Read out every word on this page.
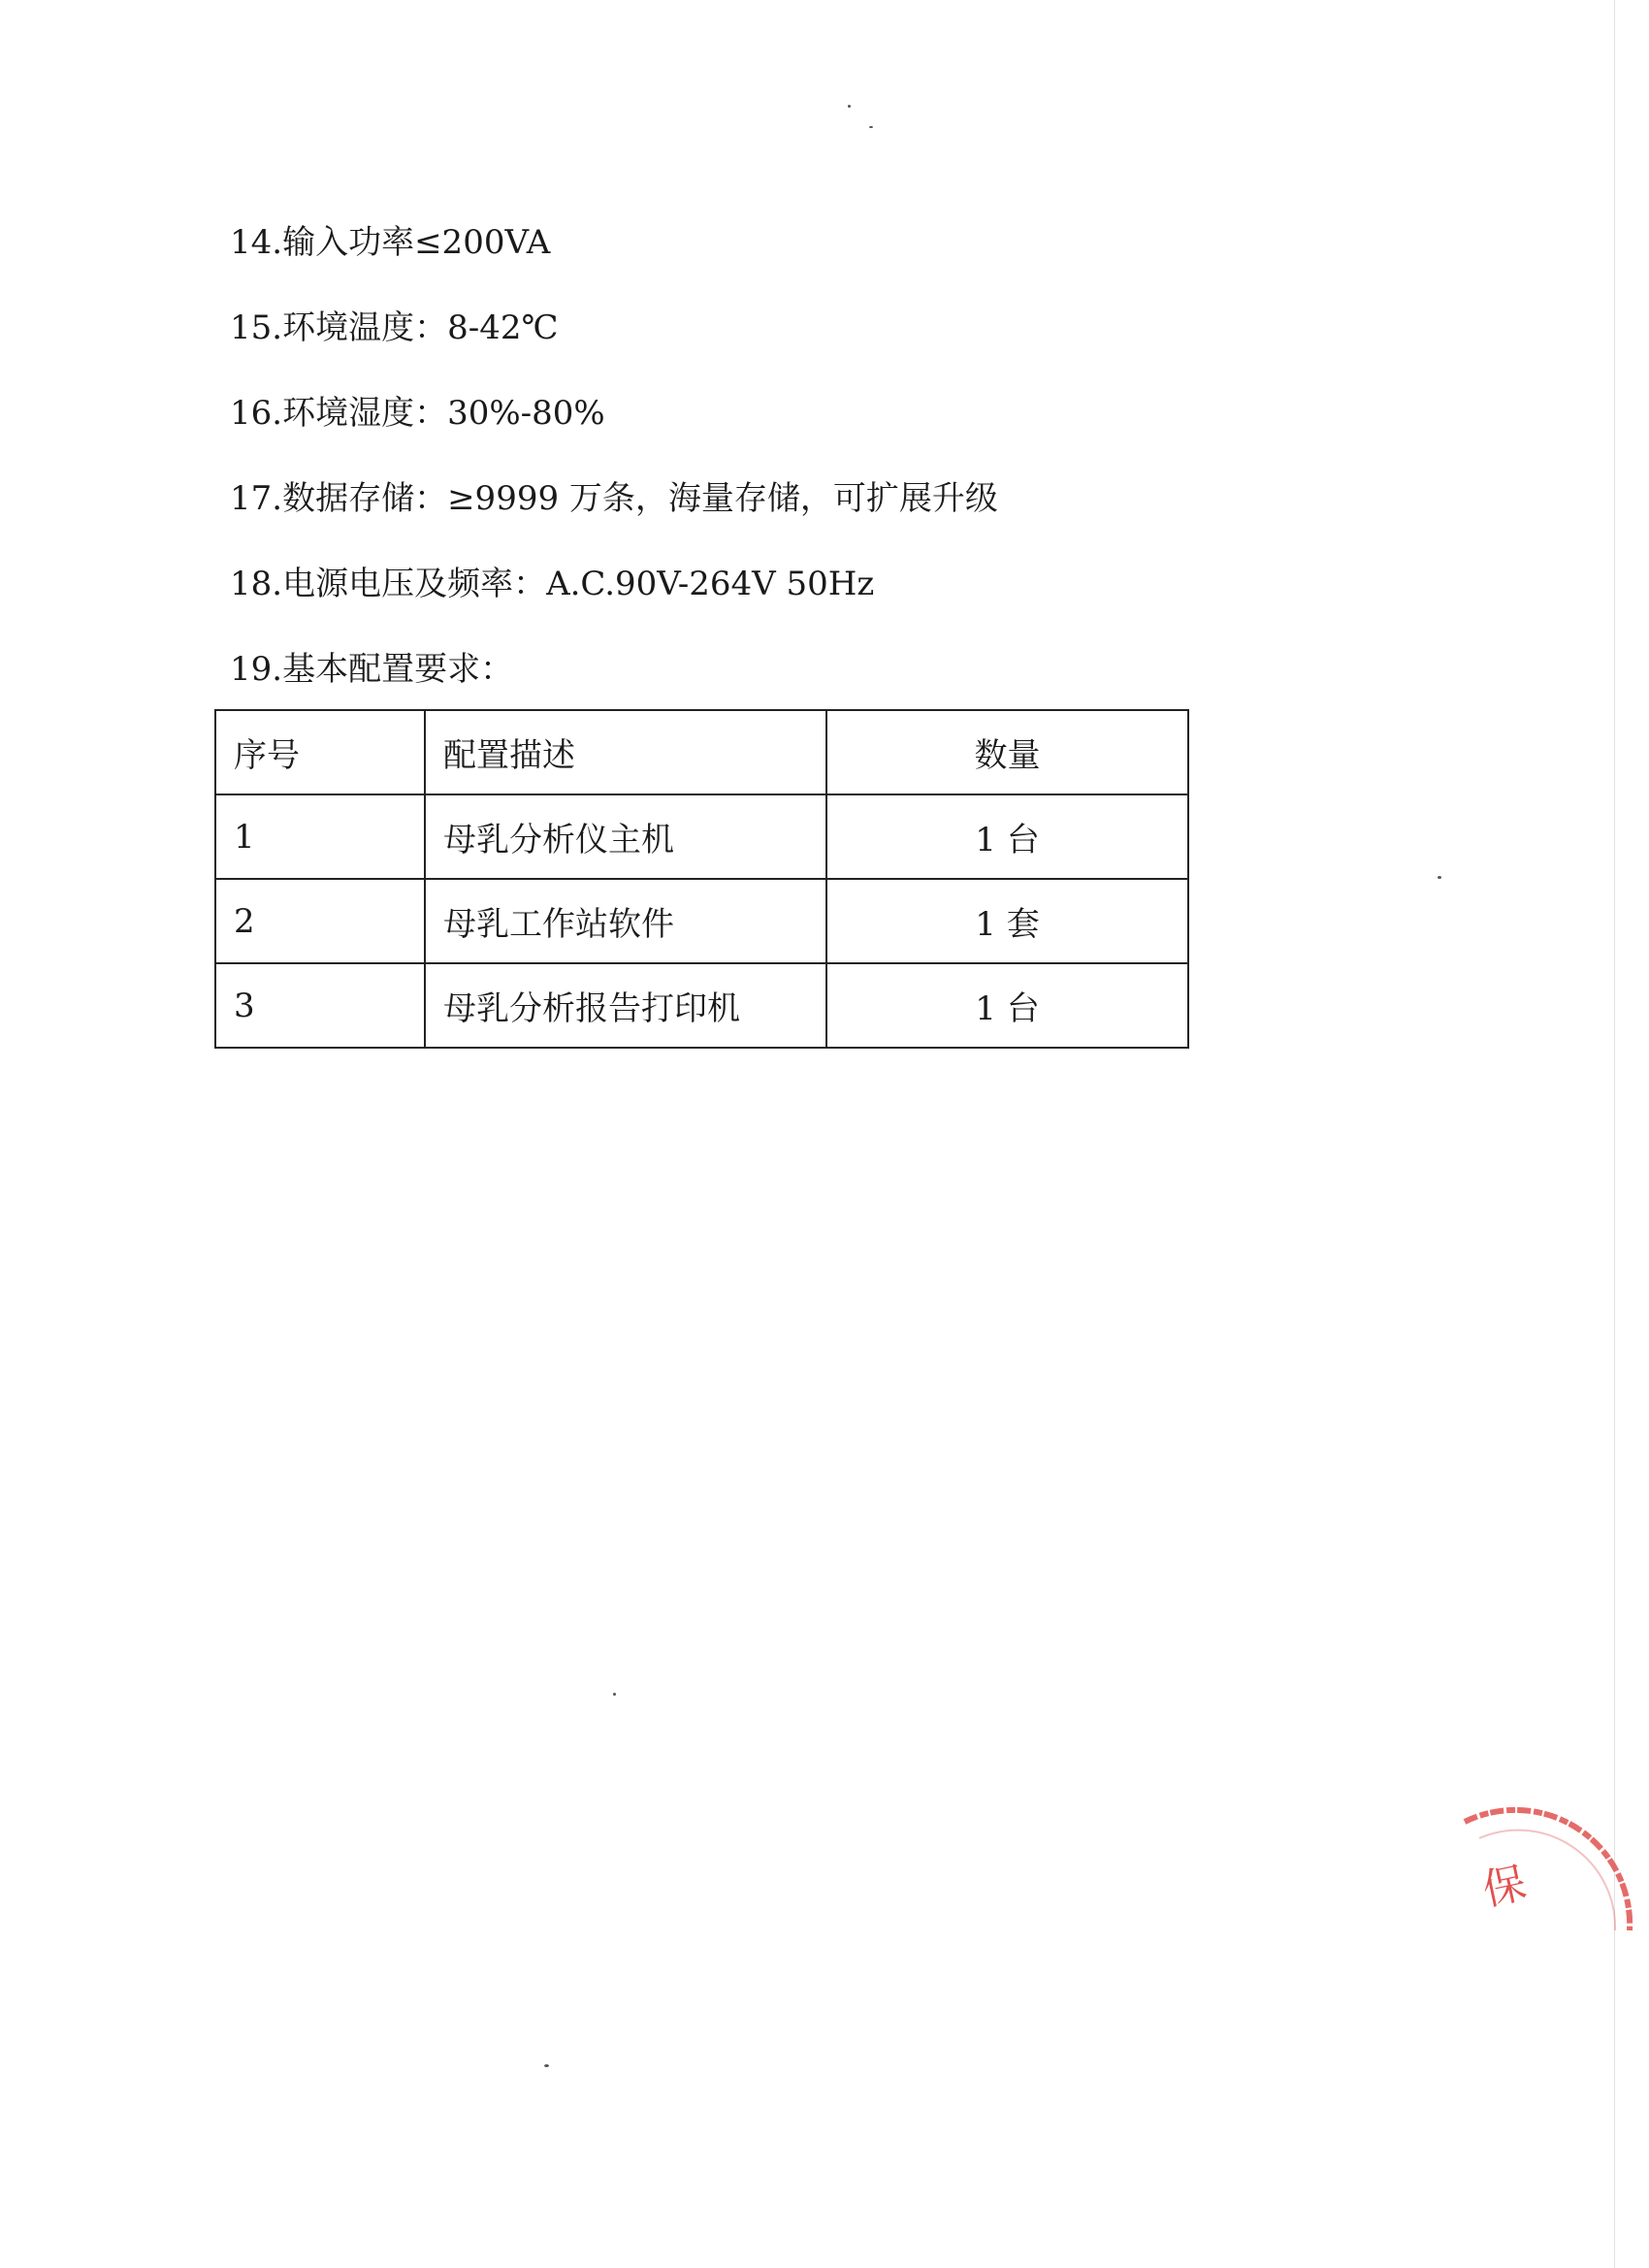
14.输入功率≤200VA
15.环境温度：8-42℃
16.环境湿度：30%-80%
17.数据存储：≥9999 万条，海量存储，可扩展升级
18.电源电压及频率：A.C.90V-264V 50Hz
19.基本配置要求：
序号	配置描述	数量
1	母乳分析仪主机	1 台
2	母乳工作站软件	1 套
3	母乳分析报告打印机	1 台
保
